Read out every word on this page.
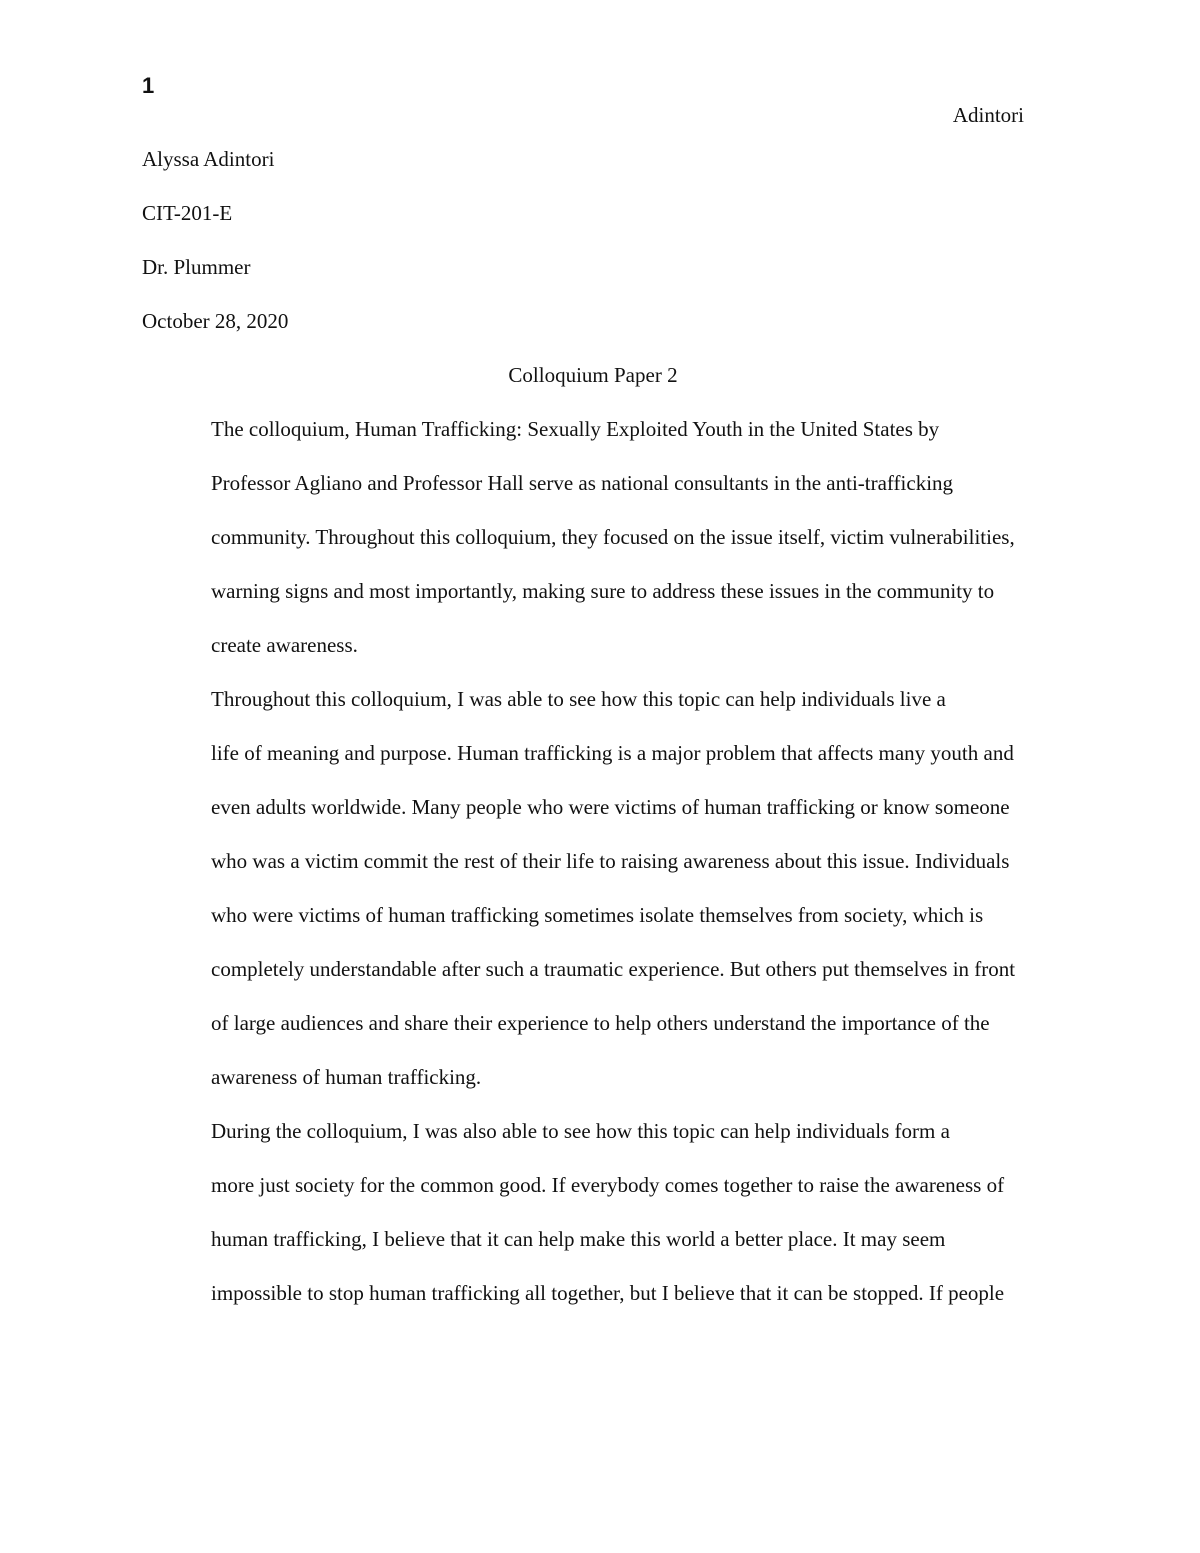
1
Adintori

Alyssa Adintori

CIT-201-E

Dr. Plummer

October 28, 2020

Colloquium Paper 2

The colloquium, Human Trafficking: Sexually Exploited Youth in the United States by
Professor Agliano and Professor Hall serve as national consultants in the anti-trafficking
community. Throughout this colloquium, they focused on the issue itself, victim vulnerabilities,
warning signs and most importantly, making sure to address these issues in the community to
create awareness.

Throughout this colloquium, I was able to see how this topic can help individuals live a
life of meaning and purpose. Human trafficking is a major problem that affects many youth and
even adults worldwide. Many people who were victims of human trafficking or know someone
who was a victim commit the rest of their life to raising awareness about this issue. Individuals
who were victims of human trafficking sometimes isolate themselves from society, which is
completely understandable after such a traumatic experience. But others put themselves in front
of large audiences and share their experience to help others understand the importance of the
awareness of human trafficking.

During the colloquium, I was also able to see how this topic can help individuals form a
more just society for the common good. If everybody comes together to raise the awareness of
human trafficking, I believe that it can help make this world a better place. It may seem
impossible to stop human trafficking all together, but I believe that it can be stopped. If people
